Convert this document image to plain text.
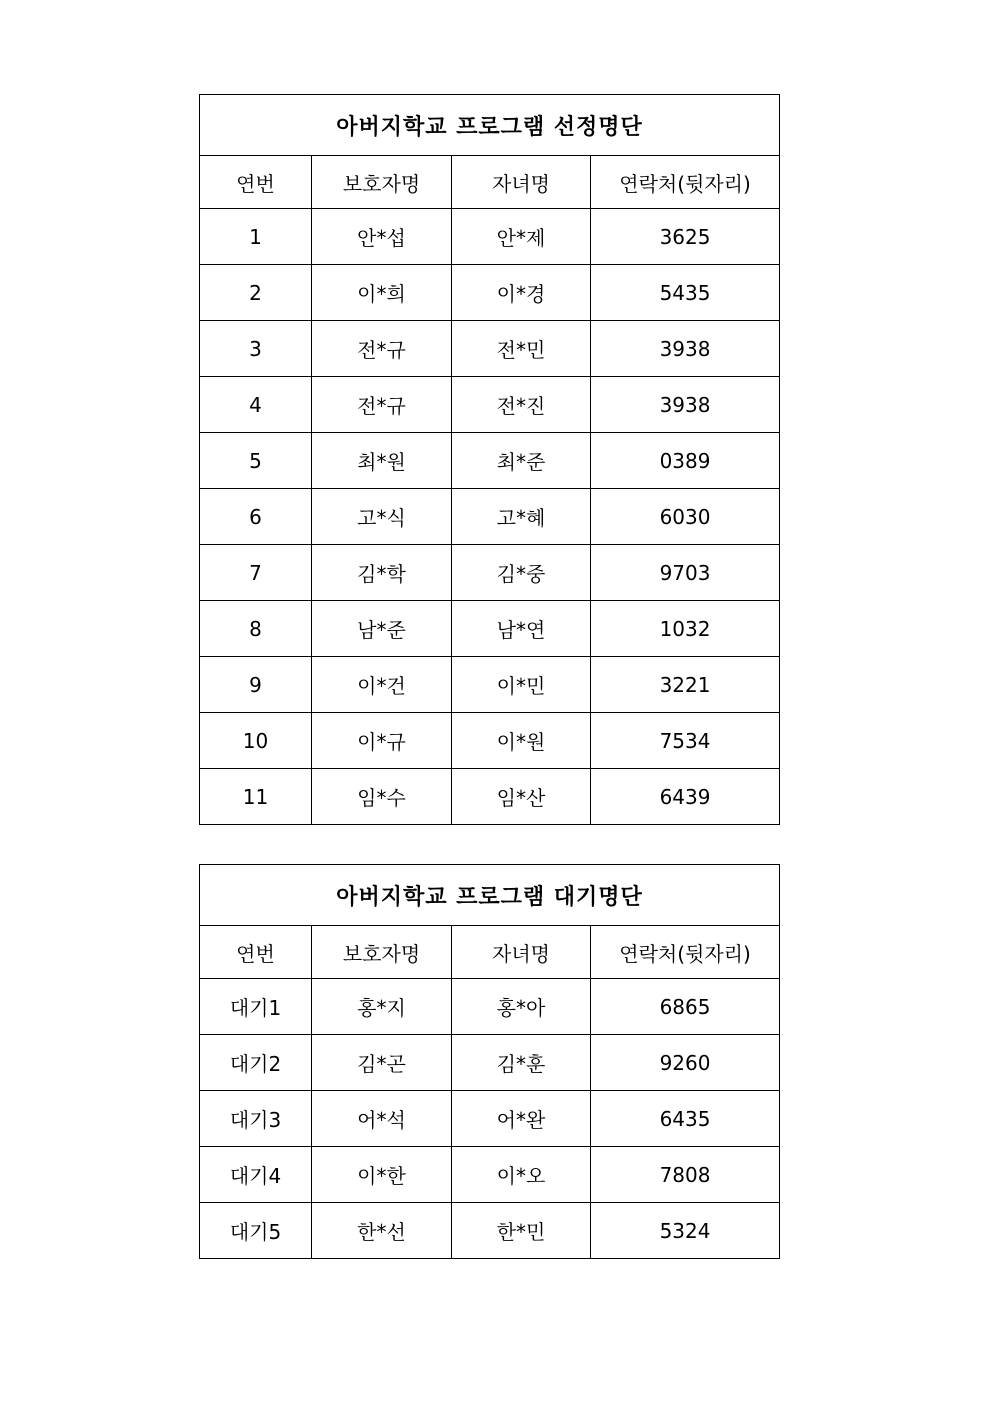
아버지학교 프로그램 선정명단			
연번	보호자명	자녀명	연락처(뒷자리)
1	안*섭	안*제	3625
2	이*희	이*경	5435
3	전*규	전*민	3938
4	전*규	전*진	3938
5	최*원	최*준	0389
6	고*식	고*혜	6030
7	김*학	김*중	9703
8	남*준	남*연	1032
9	이*건	이*민	3221
10	이*규	이*원	7534
11	임*수	임*산	6439
아버지학교 프로그램 대기명단			
연번	보호자명	자녀명	연락처(뒷자리)
대기1	홍*지	홍*아	6865
대기2	김*곤	김*훈	9260
대기3	어*석	어*완	6435
대기4	이*한	이*오	7808
대기5	한*선	한*민	5324
